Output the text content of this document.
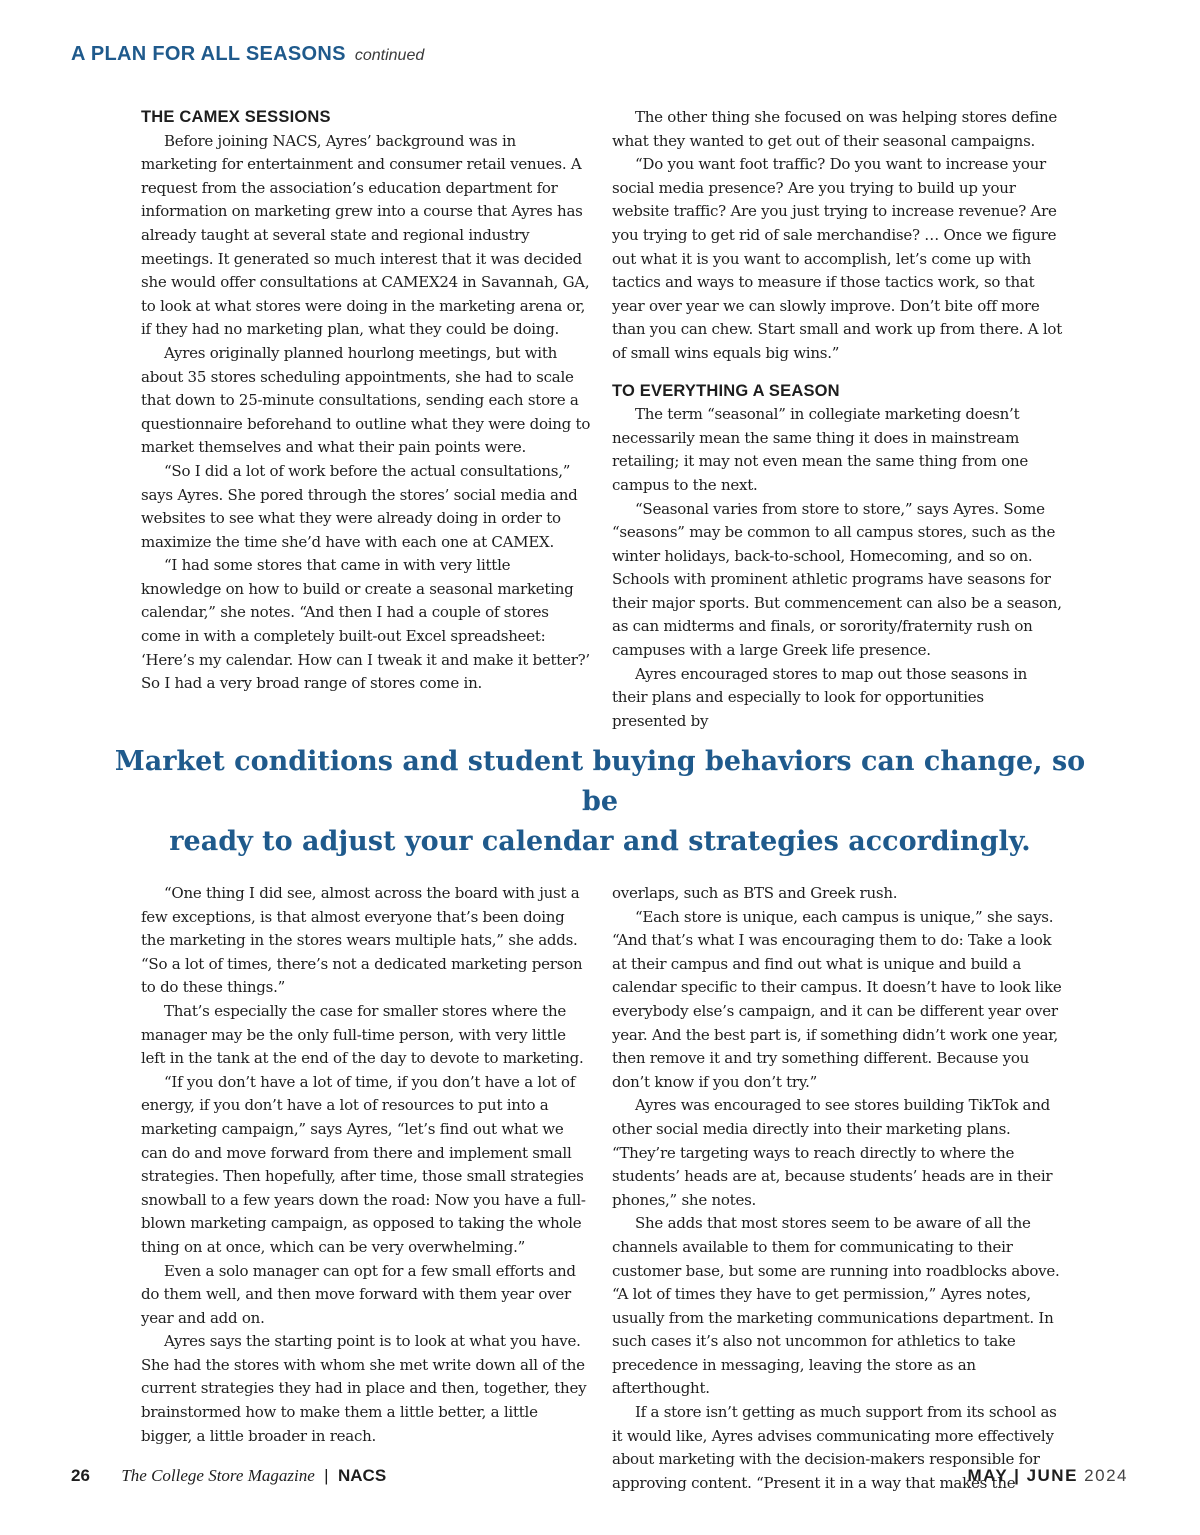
A PLAN FOR ALL SEASONS continued
THE CAMEX SESSIONS

Before joining NACS, Ayres’ background was in marketing for entertainment and consumer retail venues. A request from the association’s education department for information on marketing grew into a course that Ayres has already taught at several state and regional industry meetings. It generated so much interest that it was decided she would offer consultations at CAMEX24 in Savannah, GA, to look at what stores were doing in the marketing arena or, if they had no marketing plan, what they could be doing.

Ayres originally planned hourlong meetings, but with about 35 stores scheduling appointments, she had to scale that down to 25-minute consultations, sending each store a questionnaire beforehand to outline what they were doing to market themselves and what their pain points were.

“So I did a lot of work before the actual consultations,” says Ayres. She pored through the stores’ social media and websites to see what they were already doing in order to maximize the time she’d have with each one at CAMEX.

“I had some stores that came in with very little knowledge on how to build or create a seasonal marketing calendar,” she notes. “And then I had a couple of stores come in with a completely built-out Excel spreadsheet: ‘Here’s my calendar. How can I tweak it and make it better?’ So I had a very broad range of stores come in.

The other thing she focused on was helping stores define what they wanted to get out of their seasonal campaigns.

“Do you want foot traffic? Do you want to increase your social media presence? Are you trying to build up your website traffic? Are you just trying to increase revenue? Are you trying to get rid of sale merchandise? … Once we figure out what it is you want to accomplish, let’s come up with tactics and ways to measure if those tactics work, so that year over year we can slowly improve. Don’t bite off more than you can chew. Start small and work up from there. A lot of small wins equals big wins.”

TO EVERYTHING A SEASON

The term “seasonal” in collegiate marketing doesn’t necessarily mean the same thing it does in mainstream retailing; it may not even mean the same thing from one campus to the next.

“Seasonal varies from store to store,” says Ayres. Some “seasons” may be common to all campus stores, such as the winter holidays, back-to-school, Homecoming, and so on. Schools with prominent athletic programs have seasons for their major sports. But commencement can also be a season, as can midterms and finals, or sorority/fraternity rush on campuses with a large Greek life presence.

Ayres encouraged stores to map out those seasons in their plans and especially to look for opportunities presented by

Market conditions and student buying behaviors can change, so be
ready to adjust your calendar and strategies accordingly.

“One thing I did see, almost across the board with just a few exceptions, is that almost everyone that’s been doing the marketing in the stores wears multiple hats,” she adds. “So a lot of times, there’s not a dedicated marketing person to do these things.”

That’s especially the case for smaller stores where the manager may be the only full-time person, with very little left in the tank at the end of the day to devote to marketing.

“If you don’t have a lot of time, if you don’t have a lot of energy, if you don’t have a lot of resources to put into a marketing campaign,” says Ayres, “let’s find out what we can do and move forward from there and implement small strategies. Then hopefully, after time, those small strategies snowball to a few years down the road: Now you have a full-blown marketing campaign, as opposed to taking the whole thing on at once, which can be very overwhelming.”

Even a solo manager can opt for a few small efforts and do them well, and then move forward with them year over year and add on.

Ayres says the starting point is to look at what you have. She had the stores with whom she met write down all of the current strategies they had in place and then, together, they brainstormed how to make them a little better, a little bigger, a little broader in reach.

overlaps, such as BTS and Greek rush.

“Each store is unique, each campus is unique,” she says. “And that’s what I was encouraging them to do: Take a look at their campus and find out what is unique and build a calendar specific to their campus. It doesn’t have to look like everybody else’s campaign, and it can be different year over year. And the best part is, if something didn’t work one year, then remove it and try something different. Because you don’t know if you don’t try.”

Ayres was encouraged to see stores building TikTok and other social media directly into their marketing plans. “They’re targeting ways to reach directly to where the students’ heads are at, because students’ heads are in their phones,” she notes.

She adds that most stores seem to be aware of all the channels available to them for communicating to their customer base, but some are running into roadblocks above. “A lot of times they have to get permission,” Ayres notes, usually from the marketing communications department. In such cases it’s also not uncommon for athletics to take precedence in messaging, leaving the store as an afterthought.

If a store isn’t getting as much support from its school as it would like, Ayres advises communicating more effectively about marketing with the decision-makers responsible for approving content. “Present it in a way that makes the

26 The College Store Magazine | NACS	MAY | JUNE 2024
